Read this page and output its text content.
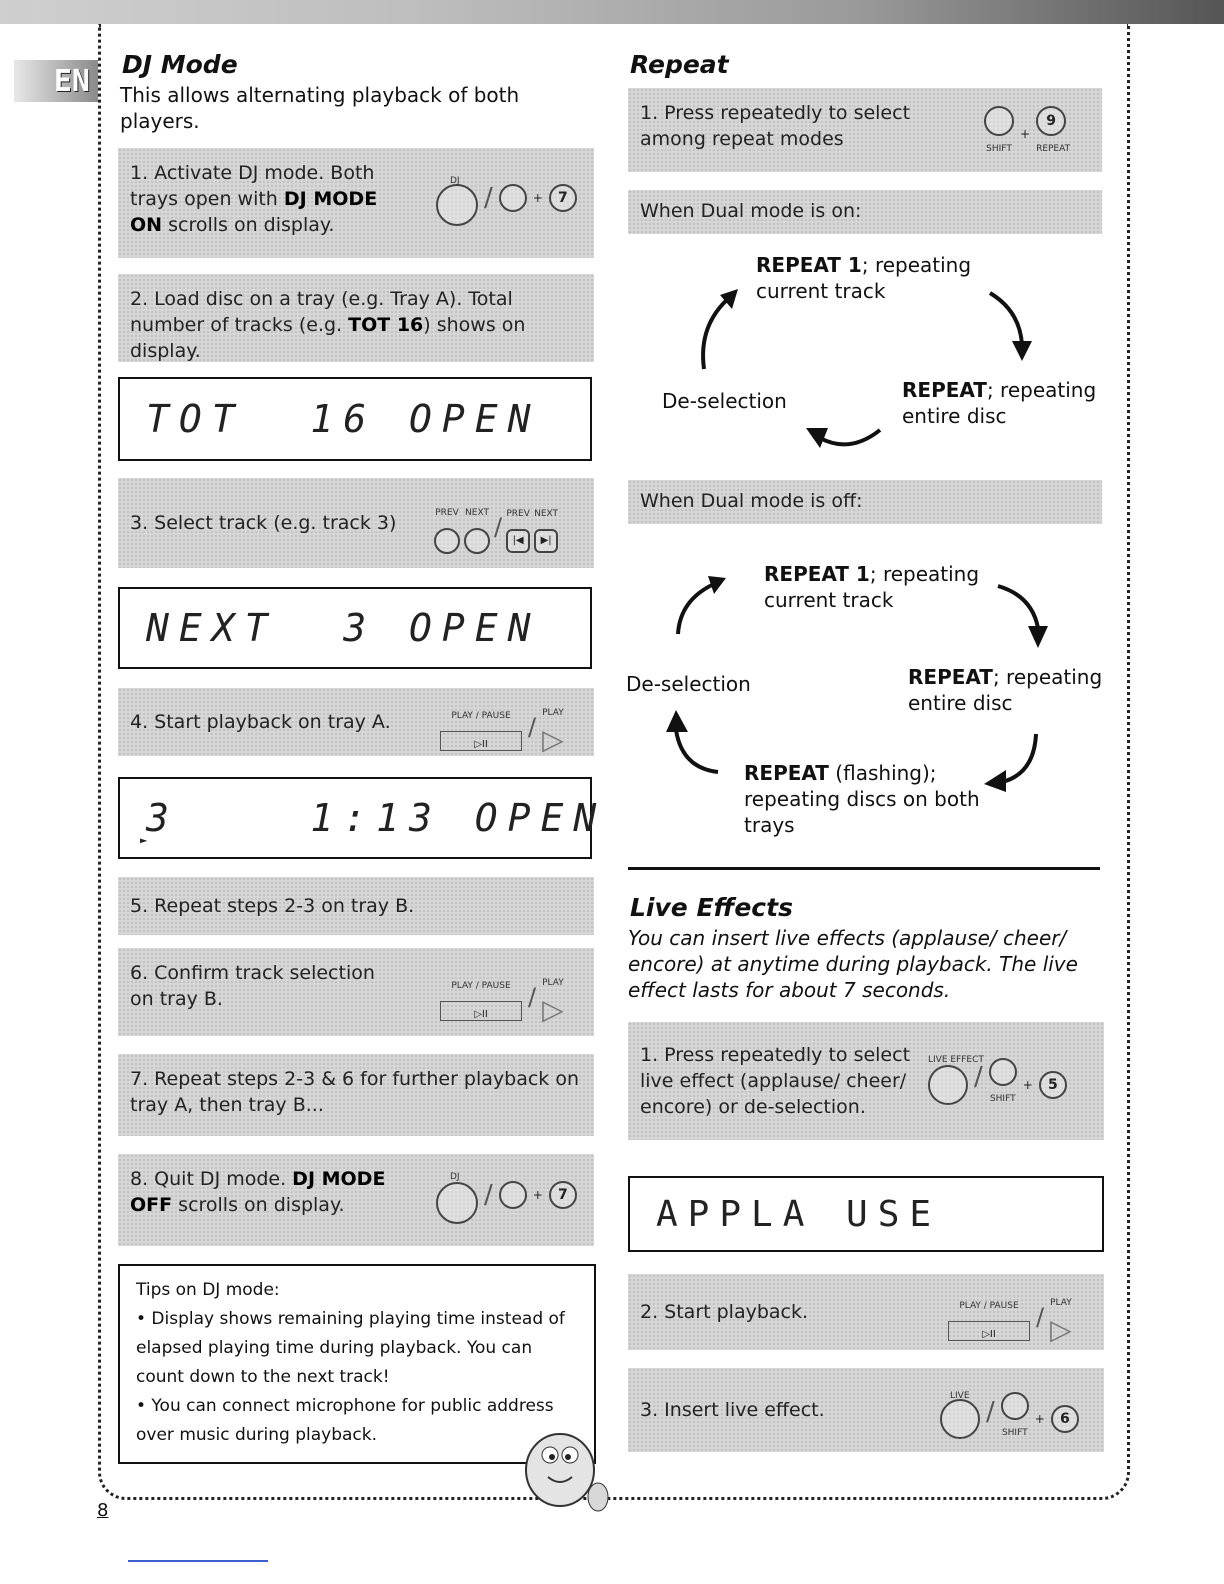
EN	DJ Mode
This allows alternating playback of both players.
1. Activate DJ mode. Both trays open with DJ MODE ON scrolls on display.
DJ
/	+	7
2. Load disc on a tray (e.g. Tray A). Total number of tracks (e.g. TOT 16) shows on display.
TOT  16 OPEN
3. Select track (e.g. track 3)	PREV NEXT / PREV
|◀
NEXT
▶|
NEXT  3 OPEN
4. Start playback on tray A.	PLAY / PAUSE
▷II
/ PLAY
▷
3    1:13 OPEN
►
5. Repeat steps 2-3 on tray B.
6. Confirm track selection on tray B.
PLAY / PAUSE
▷II
/ PLAY
▷
7. Repeat steps 2-3 & 6 for further playback on tray A, then tray B...
8. Quit DJ mode. DJ MODE OFF scrolls on display.
DJ
/	+	7
Tips on DJ mode:
• Display shows remaining playing time instead of elapsed playing time during playback. You can count down to the next track!
• You can connect microphone for public address over music during playback.
Repeat
1. Press repeatedly to select among repeat modes	SHIFT
+
9
REPEAT
When Dual mode is on:
REPEAT 1; repeating current track
REPEAT; repeating entire disc
De-selection
When Dual mode is off:
REPEAT 1; repeating current track
REPEAT; repeating entire disc
De-selection
REPEAT (flashing); repeating discs on both trays
Live Effects
You can insert live effects (applause/ cheer/ encore) at anytime during playback. The live effect lasts for about 7 seconds.
1. Press repeatedly to select live effect (applause/ cheer/ encore) or de-selection.
LIVE EFFECT
/
SHIFT
+	5
APPLA USE
2. Start playback.	PLAY / PAUSE
▷II
/ PLAY
▷
3. Insert live effect.
LIVE
/
SHIFT
+	6
8
